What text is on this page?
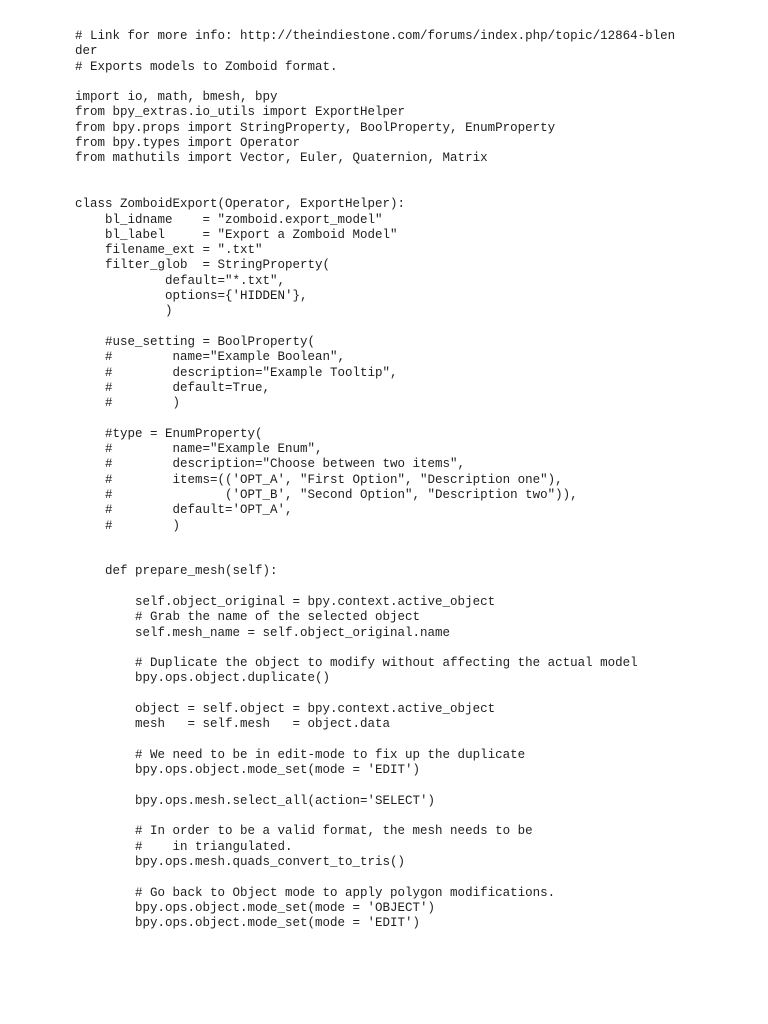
# Link for more info: http://theindiestone.com/forums/index.php/topic/12864-blen
der
# Exports models to Zomboid format.
import io, math, bmesh, bpy
from bpy_extras.io_utils import ExportHelper
from bpy.props import StringProperty, BoolProperty, EnumProperty
from bpy.types import Operator
from mathutils import Vector, Euler, Quaternion, Matrix
class ZomboidExport(Operator, ExportHelper):
bl_idname    = "zomboid.export_model"
bl_label     = "Export a Zomboid Model"
filename_ext = ".txt"
filter_glob  = StringProperty(
default="*.txt",
options={'HIDDEN'},
)
#use_setting = BoolProperty(
#        name="Example Boolean",
#        description="Example Tooltip",
#        default=True,
#        )
#type = EnumProperty(
#        name="Example Enum",
#        description="Choose between two items",
#        items=(('OPT_A', "First Option", "Description one"),
#               ('OPT_B', "Second Option", "Description two")),
#        default='OPT_A',
#        )
def prepare_mesh(self):
self.object_original = bpy.context.active_object
# Grab the name of the selected object
self.mesh_name = self.object_original.name
# Duplicate the object to modify without affecting the actual model
bpy.ops.object.duplicate()
object = self.object = bpy.context.active_object
mesh   = self.mesh   = object.data
# We need to be in edit-mode to fix up the duplicate
bpy.ops.object.mode_set(mode = 'EDIT')
bpy.ops.mesh.select_all(action='SELECT')
# In order to be a valid format, the mesh needs to be
#    in triangulated.
bpy.ops.mesh.quads_convert_to_tris()
# Go back to Object mode to apply polygon modifications.
bpy.ops.object.mode_set(mode = 'OBJECT')
bpy.ops.object.mode_set(mode = 'EDIT')
